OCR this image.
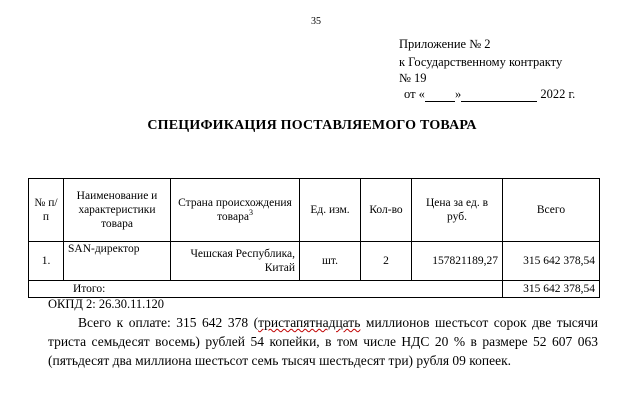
35
Приложение № 2
к Государственному контракту
№ 19
от « »	2022 г.
СПЕЦИФИКАЦИЯ ПОСТАВЛЯЕМОГО ТОВАРА
№ п/п	Наименование и характеристики товара	Страна происхождения товара$^3$	Ед. изм.	Кол-во	Цена за ед. в руб.	Всего
1.	SAN-директор	Чешская Республика, Китай	шт.	2	157821189,27	315 642 378,54
Итого:						315 642 378,54
ОКПД 2: 26.30.11.120
Всего к оплате: 315 642 378 (тристапятнадцать миллионов шестьсот сорок две тысячи триста семьдесят восемь) рублей 54 копейки, в том числе НДС 20 % в размере 52 607 063 (пятьдесят два миллиона шестьсот семь тысяч шестьдесят три) рубля 09 копеек.
